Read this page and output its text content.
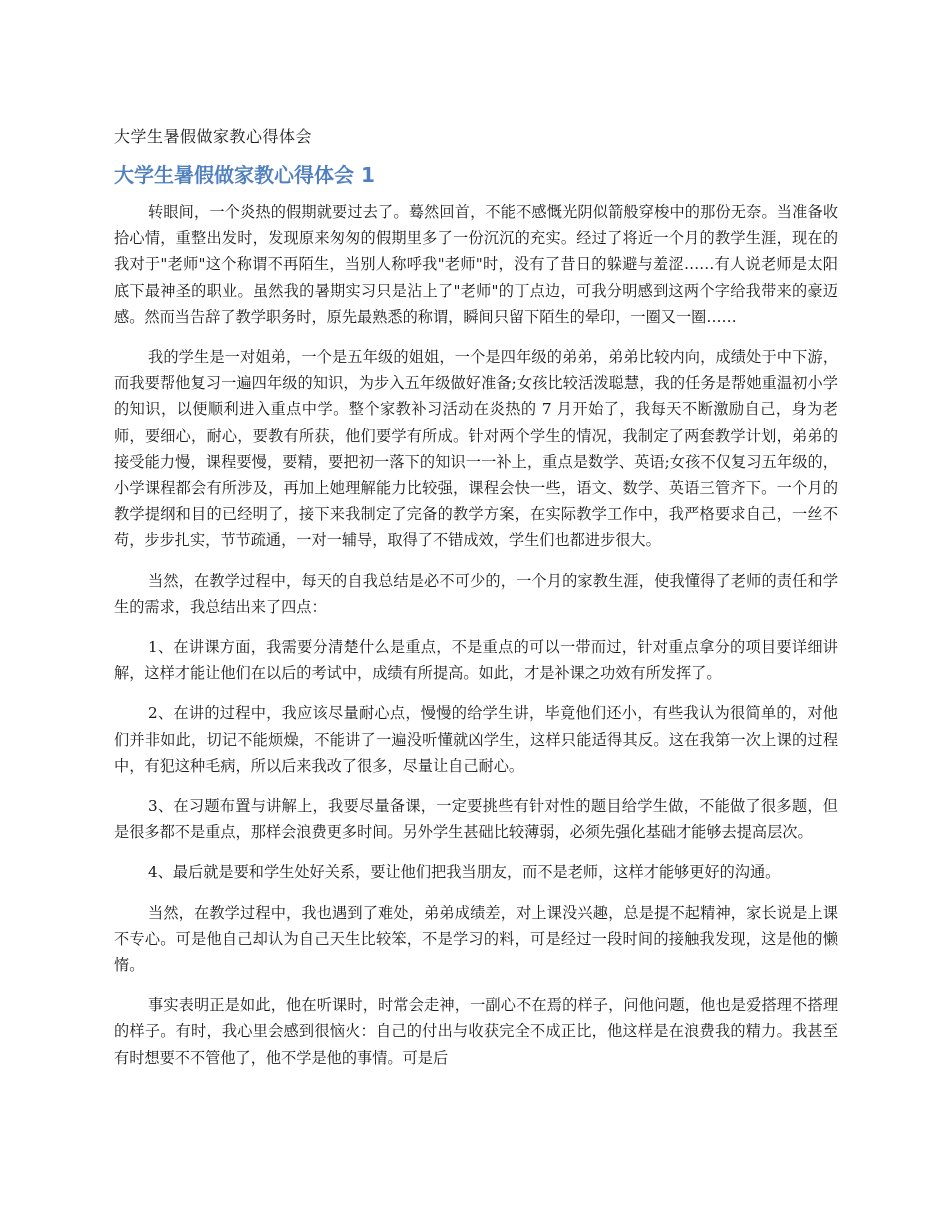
大学生暑假做家教心得体会
大学生暑假做家教心得体会 1

转眼间，一个炎热的假期就要过去了。蓦然回首，不能不感慨光阴似箭般穿梭中的那份无奈。当准备收拾心情，重整出发时，发现原来匆匆的假期里多了一份沉沉的充实。经过了将近一个月的教学生涯，现在的我对于"老师"这个称谓不再陌生，当别人称呼我"老师"时，没有了昔日的躲避与羞涩……有人说老师是太阳底下最神圣的职业。虽然我的暑期实习只是沾上了"老师"的丁点边，可我分明感到这两个字给我带来的豪迈感。然而当告辞了教学职务时，原先最熟悉的称谓，瞬间只留下陌生的晕印，一圈又一圈……

我的学生是一对姐弟，一个是五年级的姐姐，一个是四年级的弟弟，弟弟比较内向，成绩处于中下游，而我要帮他复习一遍四年级的知识，为步入五年级做好准备;女孩比较活泼聪慧，我的任务是帮她重温初小学的知识，以便顺利进入重点中学。整个家教补习活动在炎热的 7 月开始了，我每天不断激励自己，身为老师，要细心，耐心，要教有所获，他们要学有所成。针对两个学生的情况，我制定了两套教学计划，弟弟的接受能力慢，课程要慢，要精，要把初一落下的知识一一补上，重点是数学、英语;女孩不仅复习五年级的，小学课程都会有所涉及，再加上她理解能力比较强，课程会快一些，语文、数学、英语三管齐下。一个月的教学提纲和目的已经明了，接下来我制定了完备的教学方案，在实际教学工作中，我严格要求自己，一丝不苟，步步扎实，节节疏通，一对一辅导，取得了不错成效，学生们也都进步很大。

当然，在教学过程中，每天的自我总结是必不可少的，一个月的家教生涯，使我懂得了老师的责任和学生的需求，我总结出来了四点：

1、在讲课方面，我需要分清楚什么是重点，不是重点的可以一带而过，针对重点拿分的项目要详细讲解，这样才能让他们在以后的考试中，成绩有所提高。如此，才是补课之功效有所发挥了。

2、在讲的过程中，我应该尽量耐心点，慢慢的给学生讲，毕竟他们还小，有些我认为很简单的，对他们并非如此，切记不能烦燥，不能讲了一遍没听懂就凶学生，这样只能适得其反。这在我第一次上课的过程中，有犯这种毛病，所以后来我改了很多，尽量让自己耐心。

3、在习题布置与讲解上，我要尽量备课，一定要挑些有针对性的题目给学生做，不能做了很多题，但是很多都不是重点，那样会浪费更多时间。另外学生甚础比较薄弱，必须先强化基础才能够去提高层次。

4、最后就是要和学生处好关系，要让他们把我当朋友，而不是老师，这样才能够更好的沟通。

当然，在教学过程中，我也遇到了难处，弟弟成绩差，对上课没兴趣，总是提不起精神，家长说是上课不专心。可是他自己却认为自己天生比较笨，不是学习的料，可是经过一段时间的接触我发现，这是他的懒惰。

事实表明正是如此，他在听课时，时常会走神，一副心不在焉的样子，问他问题，他也是爱搭理不搭理的样子。有时，我心里会感到很恼火：自己的付出与收获完全不成正比，他这样是在浪费我的精力。我甚至有时想要不不管他了，他不学是他的事情。可是后
